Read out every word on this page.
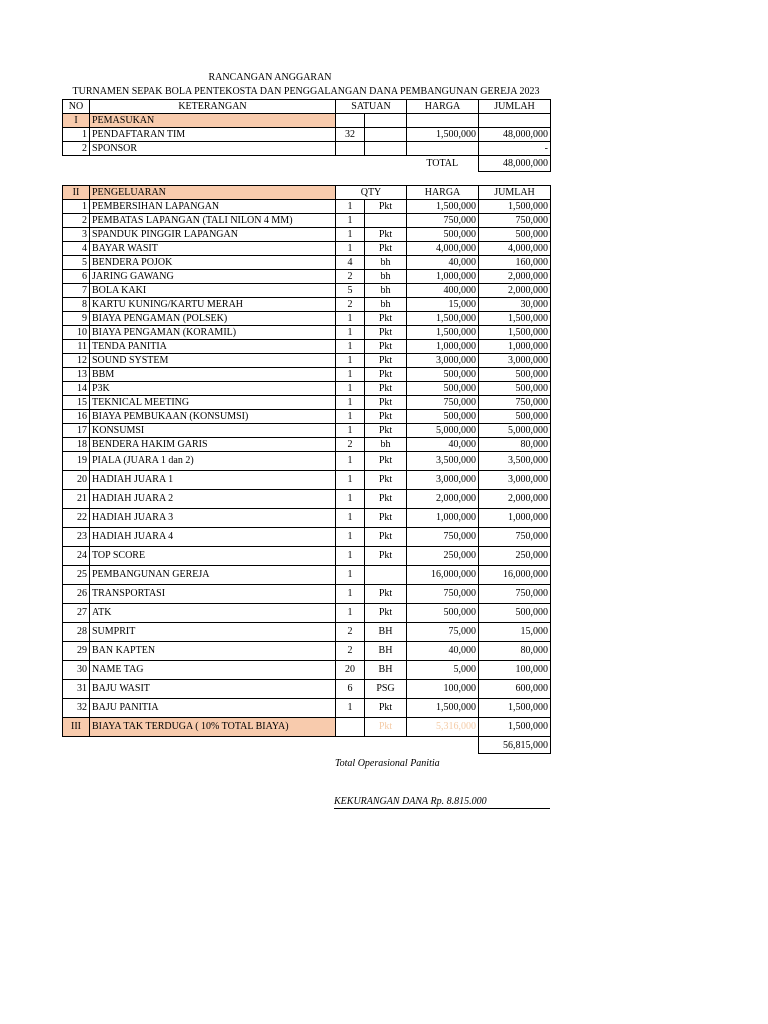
RANCANGAN ANGGARAN
TURNAMEN SEPAK BOLA PENTEKOSTA DAN PENGGALANGAN DANA PEMBANGUNAN GEREJA 2023
NO	KETERANGAN	SATUAN		HARGA	JUMLAH
I	PEMASUKAN				
1	PENDAFTARAN TIM	32		1,500,000	48,000,000
2	SPONSOR				-
				TOTAL	48,000,000
II	PENGELUARAN	QTY		HARGA	JUMLAH
1	PEMBERSIHAN LAPANGAN	1	Pkt	1,500,000	1,500,000
2	PEMBATAS LAPANGAN (TALI NILON 4 MM)	1		750,000	750,000
3	SPANDUK PINGGIR LAPANGAN	1	Pkt	500,000	500,000
4	BAYAR WASIT	1	Pkt	4,000,000	4,000,000
5	BENDERA POJOK	4	bh	40,000	160,000
6	JARING GAWANG	2	bh	1,000,000	2,000,000
7	BOLA KAKI	5	bh	400,000	2,000,000
8	KARTU KUNING/KARTU MERAH	2	bh	15,000	30,000
9	BIAYA PENGAMAN (POLSEK)	1	Pkt	1,500,000	1,500,000
10	BIAYA PENGAMAN (KORAMIL)	1	Pkt	1,500,000	1,500,000
11	TENDA PANITIA	1	Pkt	1,000,000	1,000,000
12	SOUND SYSTEM	1	Pkt	3,000,000	3,000,000
13	BBM	1	Pkt	500,000	500,000
14	P3K	1	Pkt	500,000	500,000
15	TEKNICAL MEETING	1	Pkt	750,000	750,000
16	BIAYA PEMBUKAAN (KONSUMSI)	1	Pkt	500,000	500,000
17	KONSUMSI	1	Pkt	5,000,000	5,000,000
18	BENDERA HAKIM GARIS	2	bh	40,000	80,000
19	PIALA (JUARA 1 dan 2)	1	Pkt	3,500,000	3,500,000
20	HADIAH JUARA 1	1	Pkt	3,000,000	3,000,000
21	HADIAH JUARA 2	1	Pkt	2,000,000	2,000,000
22	HADIAH JUARA 3	1	Pkt	1,000,000	1,000,000
23	HADIAH JUARA 4	1	Pkt	750,000	750,000
24	TOP SCORE	1	Pkt	250,000	250,000
25	PEMBANGUNAN GEREJA	1		16,000,000	16,000,000
26	TRANSPORTASI	1	Pkt	750,000	750,000
27	ATK	1	Pkt	500,000	500,000
28	SUMPRIT	2	BH	75,000	15,000
29	BAN KAPTEN	2	BH	40,000	80,000
30	NAME TAG	20	BH	5,000	100,000
31	BAJU WASIT	6	PSG	100,000	600,000
32	BAJU PANITIA	1	Pkt	1,500,000	1,500,000
III	BIAYA TAK TERDUGA ( 10% TOTAL BIAYA)		Pkt	5,316,000	1,500,000
					56,815,000
Total Operasional Panitia
KEKURANGAN DANA Rp. 8.815.000
